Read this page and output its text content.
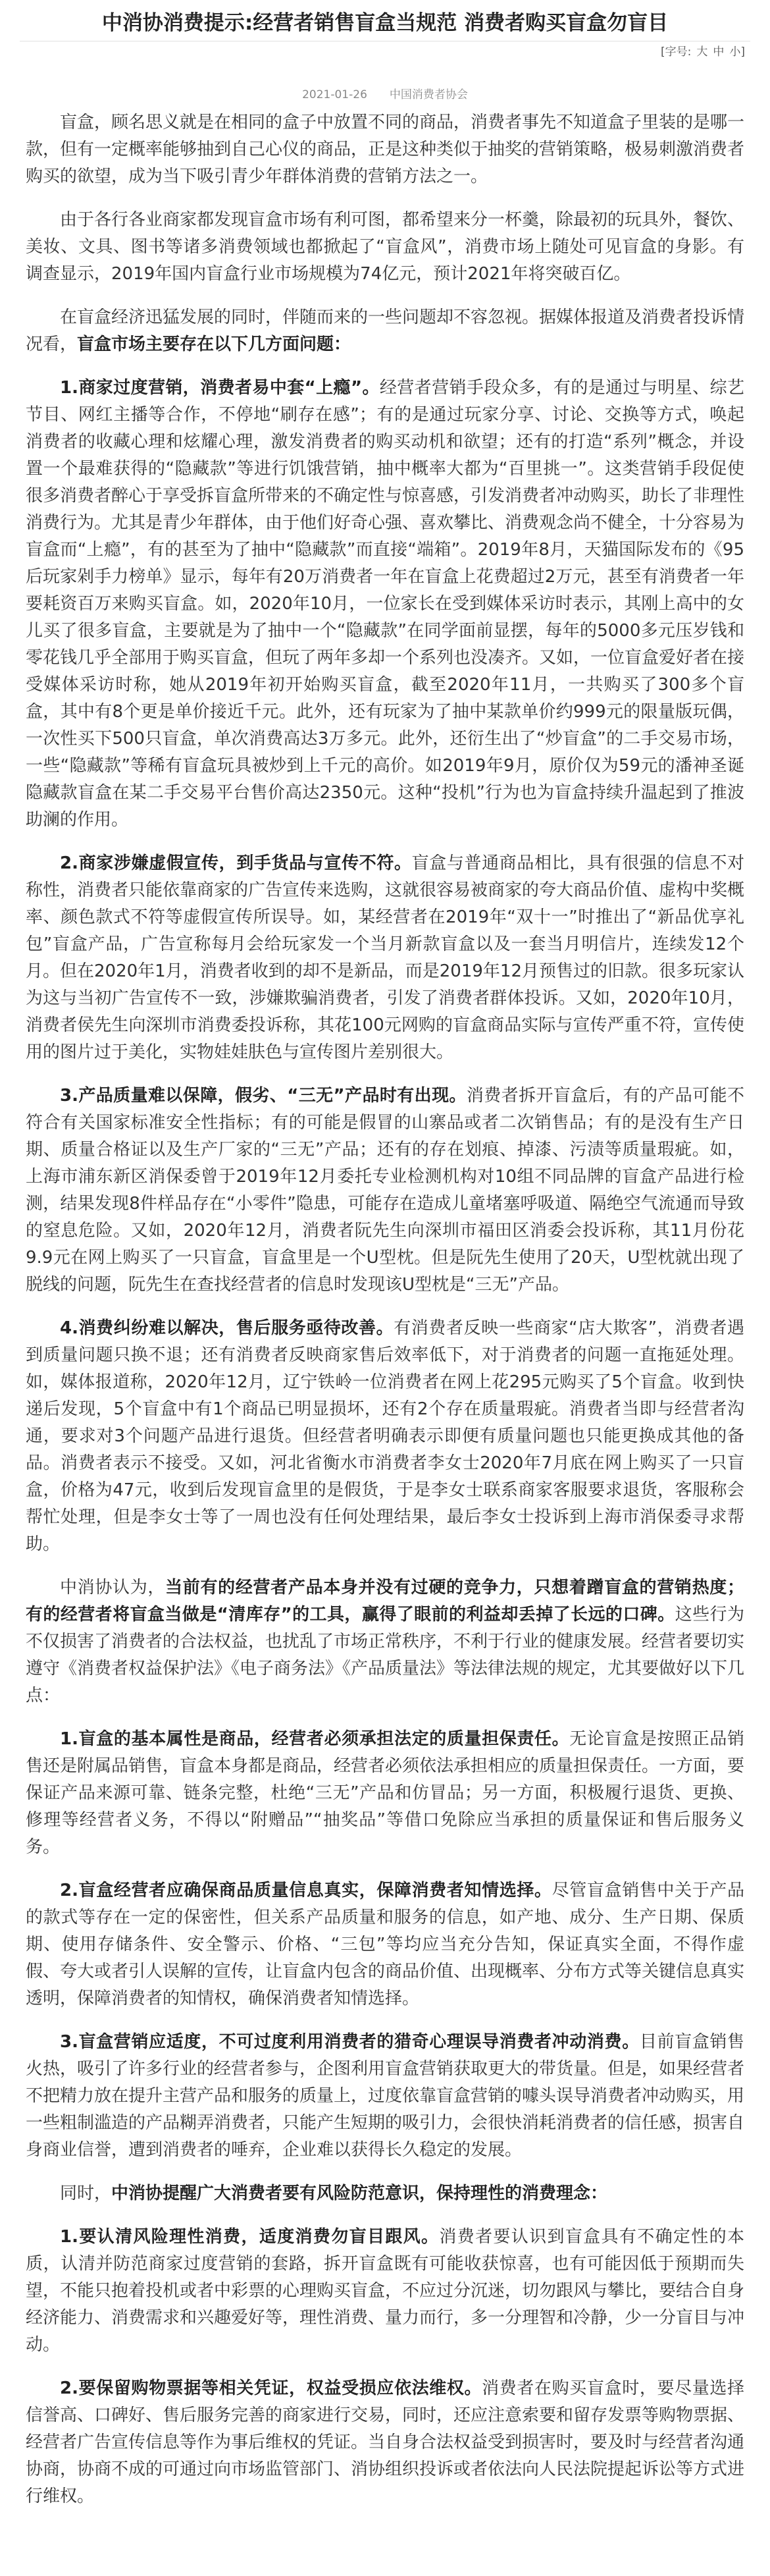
中消协消费提示:经营者销售盲盒当规范 消费者购买盲盒勿盲目
[字号: 大 中 小]
2021-01-26 中国消费者协会

盲盒，顾名思义就是在相同的盒子中放置不同的商品，消费者事先不知道盒子里装的是哪一款，但有一定概率能够抽到自己心仪的商品，正是这种类似于抽奖的营销策略，极易刺激消费者购买的欲望，成为当下吸引青少年群体消费的营销方法之一。

由于各行各业商家都发现盲盒市场有利可图，都希望来分一杯羹，除最初的玩具外，餐饮、美妆、文具、图书等诸多消费领域也都掀起了“盲盒风”，消费市场上随处可见盲盒的身影。有调查显示，2019年国内盲盒行业市场规模为74亿元，预计2021年将突破百亿。

在盲盒经济迅猛发展的同时，伴随而来的一些问题却不容忽视。据媒体报道及消费者投诉情况看，盲盒市场主要存在以下几方面问题：

1.商家过度营销，消费者易中套“上瘾”。经营者营销手段众多，有的是通过与明星、综艺节目、网红主播等合作，不停地“刷存在感”；有的是通过玩家分享、讨论、交换等方式，唤起消费者的收藏心理和炫耀心理，激发消费者的购买动机和欲望；还有的打造“系列”概念，并设置一个最难获得的“隐藏款”等进行饥饿营销，抽中概率大都为“百里挑一”。这类营销手段促使很多消费者醉心于享受拆盲盒所带来的不确定性与惊喜感，引发消费者冲动购买，助长了非理性消费行为。尤其是青少年群体，由于他们好奇心强、喜欢攀比、消费观念尚不健全，十分容易为盲盒而“上瘾”，有的甚至为了抽中“隐藏款”而直接“端箱”。2019年8月，天猫国际发布的《95后玩家剁手力榜单》显示，每年有20万消费者一年在盲盒上花费超过2万元，甚至有消费者一年要耗资百万来购买盲盒。如，2020年10月，一位家长在受到媒体采访时表示，其刚上高中的女儿买了很多盲盒，主要就是为了抽中一个“隐藏款”在同学面前显摆，每年的5000多元压岁钱和零花钱几乎全部用于购买盲盒，但玩了两年多却一个系列也没凑齐。又如，一位盲盒爱好者在接受媒体采访时称，她从2019年初开始购买盲盒，截至2020年11月，一共购买了300多个盲盒，其中有8个更是单价接近千元。此外，还有玩家为了抽中某款单价约999元的限量版玩偶，一次性买下500只盲盒，单次消费高达3万多元。此外，还衍生出了“炒盲盒”的二手交易市场，一些“隐藏款”等稀有盲盒玩具被炒到上千元的高价。如2019年9月，原价仅为59元的潘神圣诞隐藏款盲盒在某二手交易平台售价高达2350元。这种“投机”行为也为盲盒持续升温起到了推波助澜的作用。

2.商家涉嫌虚假宣传，到手货品与宣传不符。盲盒与普通商品相比，具有很强的信息不对称性，消费者只能依靠商家的广告宣传来选购，这就很容易被商家的夸大商品价值、虚构中奖概率、颜色款式不符等虚假宣传所误导。如，某经营者在2019年“双十一”时推出了“新品优享礼包”盲盒产品，广告宣称每月会给玩家发一个当月新款盲盒以及一套当月明信片，连续发12个月。但在2020年1月，消费者收到的却不是新品，而是2019年12月预售过的旧款。很多玩家认为这与当初广告宣传不一致，涉嫌欺骗消费者，引发了消费者群体投诉。又如，2020年10月，消费者侯先生向深圳市消费委投诉称，其花100元网购的盲盒商品实际与宣传严重不符，宣传使用的图片过于美化，实物娃娃肤色与宣传图片差别很大。

3.产品质量难以保障，假劣、“三无”产品时有出现。消费者拆开盲盒后，有的产品可能不符合有关国家标准安全性指标；有的可能是假冒的山寨品或者二次销售品；有的是没有生产日期、质量合格证以及生产厂家的“三无”产品；还有的存在划痕、掉漆、污渍等质量瑕疵。如，上海市浦东新区消保委曾于2019年12月委托专业检测机构对10组不同品牌的盲盒产品进行检测，结果发现8件样品存在“小零件”隐患，可能存在造成儿童堵塞呼吸道、隔绝空气流通而导致的窒息危险。又如，2020年12月，消费者阮先生向深圳市福田区消委会投诉称，其11月份花9.9元在网上购买了一只盲盒，盲盒里是一个U型枕。但是阮先生使用了20天，U型枕就出现了脱线的问题，阮先生在查找经营者的信息时发现该U型枕是“三无”产品。

4.消费纠纷难以解决，售后服务亟待改善。有消费者反映一些商家“店大欺客”，消费者遇到质量问题只换不退；还有消费者反映商家售后效率低下，对于消费者的问题一直拖延处理。如，媒体报道称，2020年12月，辽宁铁岭一位消费者在网上花295元购买了5个盲盒。收到快递后发现，5个盲盒中有1个商品已明显损坏，还有2个存在质量瑕疵。消费者当即与经营者沟通，要求对3个问题产品进行退货。但经营者明确表示即便有质量问题也只能更换成其他的备品。消费者表示不接受。又如，河北省衡水市消费者李女士2020年7月底在网上购买了一只盲盒，价格为47元，收到后发现盲盒里的是假货，于是李女士联系商家客服要求退货，客服称会帮忙处理，但是李女士等了一周也没有任何处理结果，最后李女士投诉到上海市消保委寻求帮助。

中消协认为，当前有的经营者产品本身并没有过硬的竞争力，只想着蹭盲盒的营销热度；有的经营者将盲盒当做是“清库存”的工具，赢得了眼前的利益却丢掉了长远的口碑。这些行为不仅损害了消费者的合法权益，也扰乱了市场正常秩序，不利于行业的健康发展。经营者要切实遵守《消费者权益保护法》《电子商务法》《产品质量法》等法律法规的规定，尤其要做好以下几点：

1.盲盒的基本属性是商品，经营者必须承担法定的质量担保责任。无论盲盒是按照正品销售还是附属品销售，盲盒本身都是商品，经营者必须依法承担相应的质量担保责任。一方面，要保证产品来源可靠、链条完整，杜绝“三无”产品和仿冒品；另一方面，积极履行退货、更换、修理等经营者义务，不得以“附赠品”“抽奖品”等借口免除应当承担的质量保证和售后服务义务。

2.盲盒经营者应确保商品质量信息真实，保障消费者知情选择。尽管盲盒销售中关于产品的款式等存在一定的保密性，但关系产品质量和服务的信息，如产地、成分、生产日期、保质期、使用存储条件、安全警示、价格、“三包”等均应当充分告知，保证真实全面，不得作虚假、夸大或者引人误解的宣传，让盲盒内包含的商品价值、出现概率、分布方式等关键信息真实透明，保障消费者的知情权，确保消费者知情选择。

3.盲盒营销应适度，不可过度利用消费者的猎奇心理误导消费者冲动消费。目前盲盒销售火热，吸引了许多行业的经营者参与，企图利用盲盒营销获取更大的带货量。但是，如果经营者不把精力放在提升主营产品和服务的质量上，过度依靠盲盒营销的噱头误导消费者冲动购买，用一些粗制滥造的产品糊弄消费者，只能产生短期的吸引力，会很快消耗消费者的信任感，损害自身商业信誉，遭到消费者的唾弃，企业难以获得长久稳定的发展。

同时，中消协提醒广大消费者要有风险防范意识，保持理性的消费理念：

1.要认清风险理性消费，适度消费勿盲目跟风。消费者要认识到盲盒具有不确定性的本质，认清并防范商家过度营销的套路，拆开盲盒既有可能收获惊喜，也有可能因低于预期而失望，不能只抱着投机或者中彩票的心理购买盲盒，不应过分沉迷，切勿跟风与攀比，要结合自身经济能力、消费需求和兴趣爱好等，理性消费、量力而行，多一分理智和冷静，少一分盲目与冲动。

2.要保留购物票据等相关凭证，权益受损应依法维权。消费者在购买盲盒时，要尽量选择信誉高、口碑好、售后服务完善的商家进行交易，同时，还应注意索要和留存发票等购物票据、经营者广告宣传信息等作为事后维权的凭证。当自身合法权益受到损害时，要及时与经营者沟通协商，协商不成的可通过向市场监管部门、消协组织投诉或者依法向人民法院提起诉讼等方式进行维权。
